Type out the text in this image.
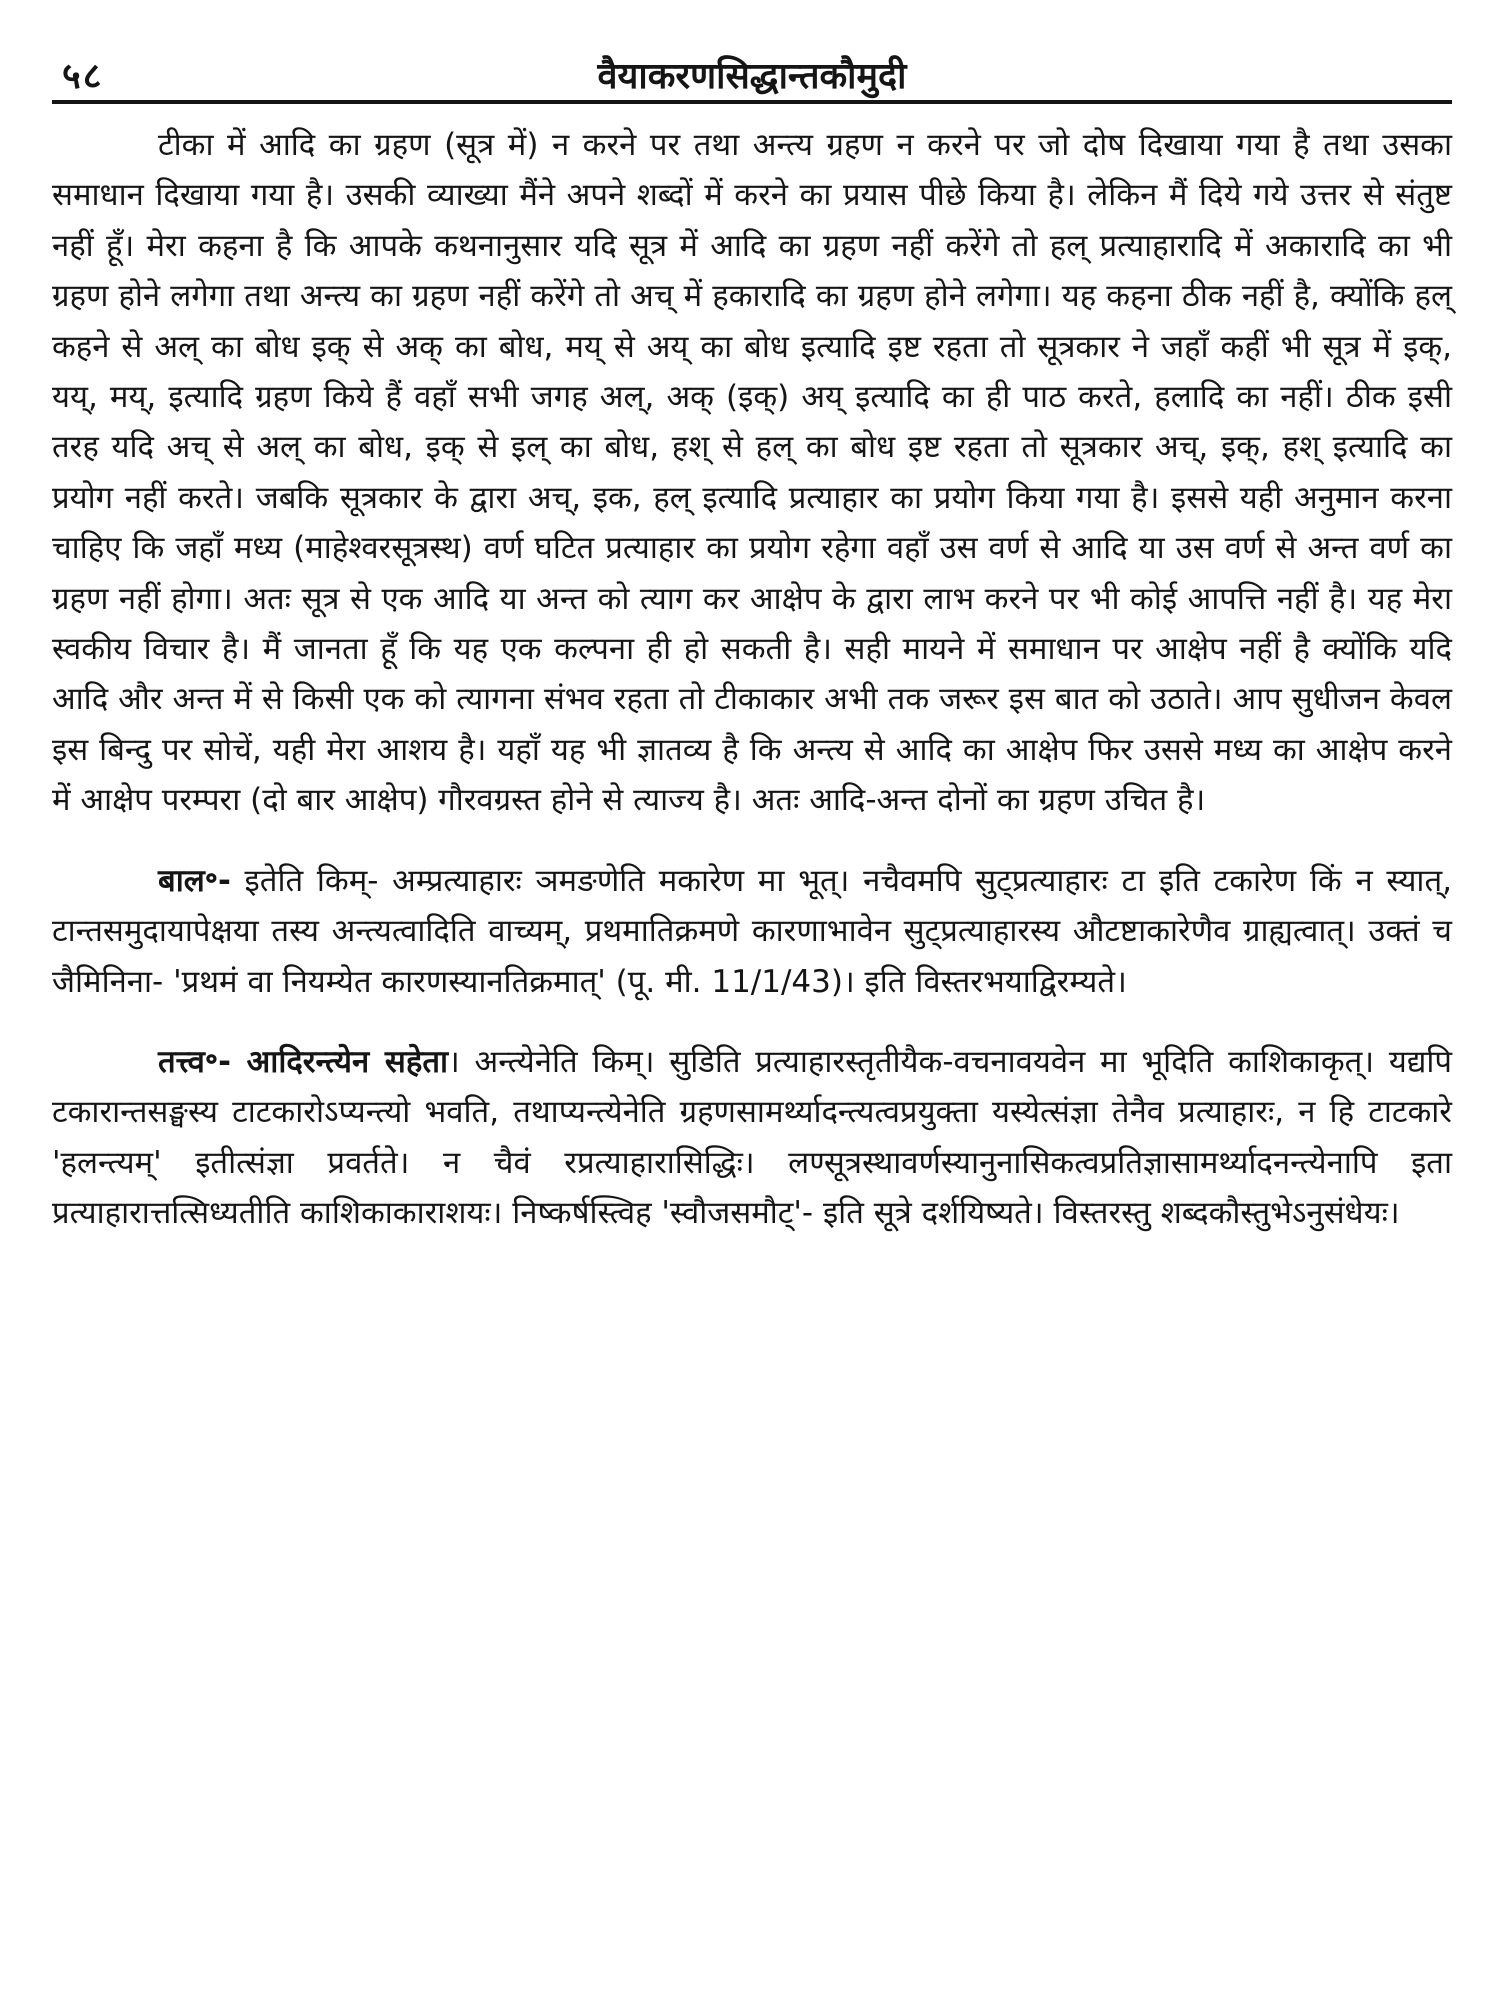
५८	वैयाकरणसिद्धान्तकौमुदी

टीका में आदि का ग्रहण (सूत्र में) न करने पर तथा अन्त्य ग्रहण न करने पर जो दोष दिखाया गया है तथा उसका समाधान दिखाया गया है। उसकी व्याख्या मैंने अपने शब्दों में करने का प्रयास पीछे किया है। लेकिन मैं दिये गये उत्तर से संतुष्ट नहीं हूँ। मेरा कहना है कि आपके कथनानुसार यदि सूत्र में आदि का ग्रहण नहीं करेंगे तो हल् प्रत्याहारादि में अकारादि का भी ग्रहण होने लगेगा तथा अन्त्य का ग्रहण नहीं करेंगे तो अच् में हकारादि का ग्रहण होने लगेगा। यह कहना ठीक नहीं है, क्योंकि हल् कहने से अल् का बोध इक् से अक् का बोध, मय् से अय् का बोध इत्यादि इष्ट रहता तो सूत्रकार ने जहाँ कहीं भी सूत्र में इक्, यय्, मय्, इत्यादि ग्रहण किये हैं वहाँ सभी जगह अल्, अक् (इक्) अय् इत्यादि का ही पाठ करते, हलादि का नहीं। ठीक इसी तरह यदि अच् से अल् का बोध, इक् से इल् का बोध, हश् से हल् का बोध इष्ट रहता तो सूत्रकार अच्, इक्, हश् इत्यादि का प्रयोग नहीं करते। जबकि सूत्रकार के द्वारा अच्, इक, हल् इत्यादि प्रत्याहार का प्रयोग किया गया है। इससे यही अनुमान करना चाहिए कि जहाँ मध्य (माहेश्वरसूत्रस्थ) वर्ण घटित प्रत्याहार का प्रयोग रहेगा वहाँ उस वर्ण से आदि या उस वर्ण से अन्त वर्ण का ग्रहण नहीं होगा। अतः सूत्र से एक आदि या अन्त को त्याग कर आक्षेप के द्वारा लाभ करने पर भी कोई आपत्ति नहीं है। यह मेरा स्वकीय विचार है। मैं जानता हूँ कि यह एक कल्पना ही हो सकती है। सही मायने में समाधान पर आक्षेप नहीं है क्योंकि यदि आदि और अन्त में से किसी एक को त्यागना संभव रहता तो टीकाकार अभी तक जरूर इस बात को उठाते। आप सुधीजन केवल इस बिन्दु पर सोचें, यही मेरा आशय है। यहाँ यह भी ज्ञातव्य है कि अन्त्य से आदि का आक्षेप फिर उससे मध्य का आक्षेप करने में आक्षेप परम्परा (दो बार आक्षेप) गौरवग्रस्त होने से त्याज्य है। अतः आदि-अन्त दोनों का ग्रहण उचित है।

बाल॰- इतेति किम्- अम्प्रत्याहारः ञमङणेति मकारेण मा भूत्। नचैवमपि सुट्प्रत्याहारः टा इति टकारेण किं न स्यात्, टान्तसमुदायापेक्षया तस्य अन्त्यत्वादिति वाच्यम्, प्रथमातिक्रमणे कारणाभावेन सुट्प्रत्याहारस्य औटष्टाकारेणैव ग्राह्यत्वात्। उक्तं च जैमिनिना- 'प्रथमं वा नियम्येत कारणस्यानतिक्रमात्' (पू. मी. 11/1/43)। इति विस्तरभयाद्विरम्यते।

तत्त्व॰- आदिरन्त्येन सहेता। अन्त्येनेति किम्। सुडिति प्रत्याहारस्तृतीयैक-वचनावयवेन मा भूदिति काशिकाकृत्। यद्यपि टकारान्तसङ्घस्य टाटकारोऽप्यन्त्यो भवति, तथाप्यन्त्येनेति ग्रहणसामर्थ्यादन्त्यत्वप्रयुक्ता यस्येत्संज्ञा तेनैव प्रत्याहारः, न हि टाटकारे 'हलन्त्यम्' इतीत्संज्ञा प्रवर्तते। न चैवं रप्रत्याहारासिद्धिः। लण्सूत्रस्थावर्णस्यानुनासिकत्वप्रतिज्ञासामर्थ्यादनन्त्येनापि इता प्रत्याहारात्तत्सिध्यतीति काशिकाकाराशयः। निष्कर्षस्त्विह 'स्वौजसमौट्'- इति सूत्रे दर्शयिष्यते। विस्तरस्तु शब्दकौस्तुभेऽनुसंधेयः।
